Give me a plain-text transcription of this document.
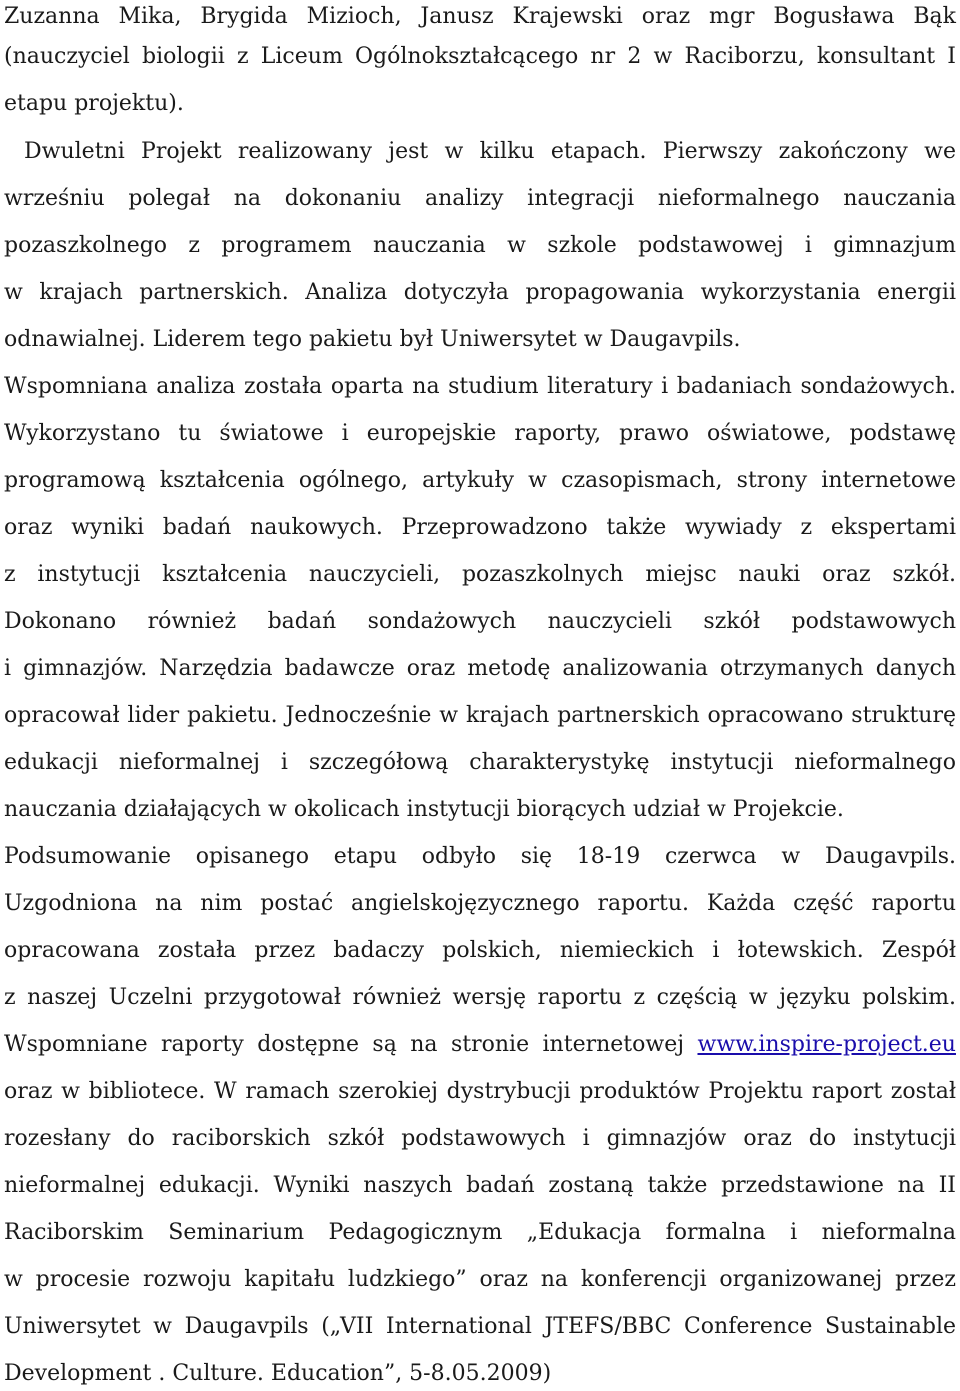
Zuzanna Mika, Brygida Mizioch, Janusz Krajewski oraz mgr Bogusława Bąk
(nauczyciel biologii z Liceum Ogólnokształcącego nr 2 w Raciborzu, konsultant I
etapu projektu).
Dwuletni Projekt realizowany jest w kilku etapach. Pierwszy zakończony we
wrześniu polegał na dokonaniu analizy integracji nieformalnego nauczania
pozaszkolnego z programem nauczania w szkole podstawowej i gimnazjum
w krajach partnerskich. Analiza dotyczyła propagowania wykorzystania energii
odnawialnej. Liderem tego pakietu był Uniwersytet w Daugavpils.
Wspomniana analiza została oparta na studium literatury i badaniach sondażowych.
Wykorzystano tu światowe i europejskie raporty, prawo oświatowe, podstawę
programową kształcenia ogólnego, artykuły w czasopismach, strony internetowe
oraz wyniki badań naukowych. Przeprowadzono także wywiady z ekspertami
z instytucji kształcenia nauczycieli, pozaszkolnych miejsc nauki oraz szkół.
Dokonano również badań sondażowych nauczycieli szkół podstawowych
i gimnazjów. Narzędzia badawcze oraz metodę analizowania otrzymanych danych
opracował lider pakietu. Jednocześnie w krajach partnerskich opracowano strukturę
edukacji nieformalnej i szczegółową charakterystykę instytucji nieformalnego
nauczania działających w okolicach instytucji biorących udział w Projekcie.
Podsumowanie opisanego etapu odbyło się 18-19 czerwca w Daugavpils.
Uzgodniona na nim postać angielskojęzycznego raportu. Każda część raportu
opracowana została przez badaczy polskich, niemieckich i łotewskich. Zespół
z naszej Uczelni przygotował również wersję raportu z częścią w języku polskim.
Wspomniane raporty dostępne są na stronie internetowej www.inspire-project.eu
oraz w bibliotece. W ramach szerokiej dystrybucji produktów Projektu raport został
rozesłany do raciborskich szkół podstawowych i gimnazjów oraz do instytucji
nieformalnej edukacji. Wyniki naszych badań zostaną także przedstawione na II
Raciborskim Seminarium Pedagogicznym „Edukacja formalna i nieformalna
w procesie rozwoju kapitału ludzkiego” oraz na konferencji organizowanej przez
Uniwersytet w Daugavpils („VII International JTEFS/BBC Conference Sustainable
Development . Culture. Education”, 5-8.05.2009)
